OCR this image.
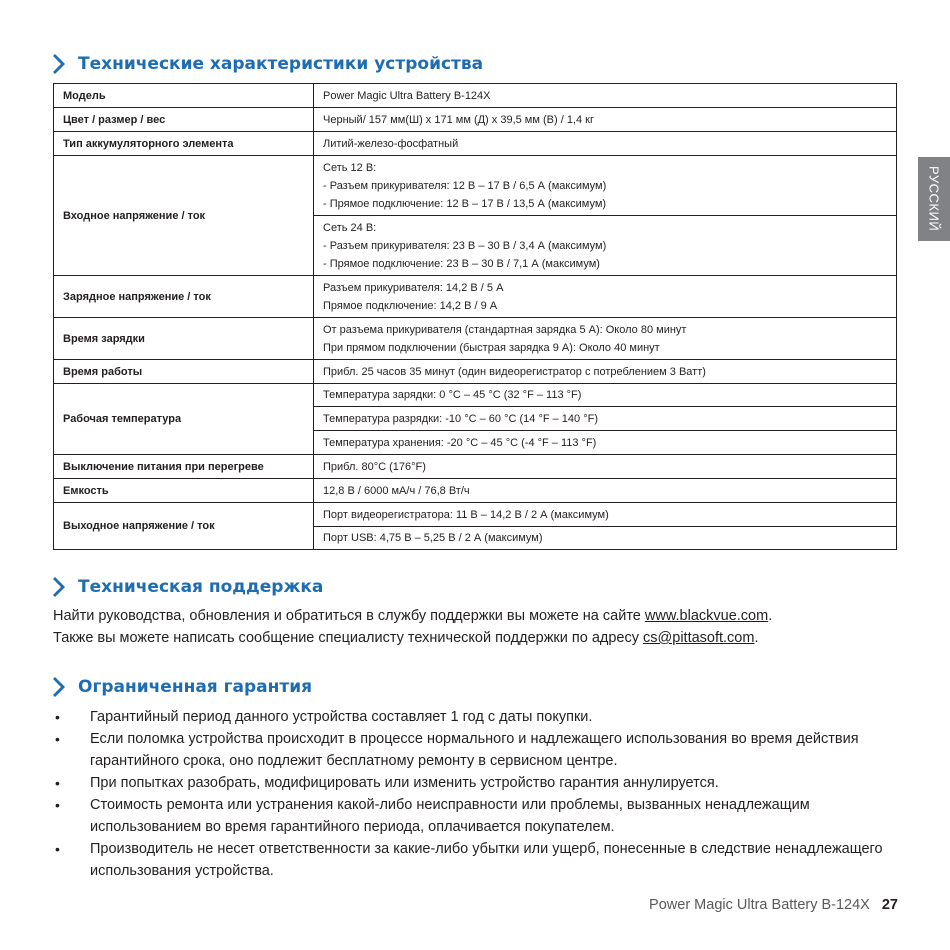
Технические характеристики устройства
Модель	Power Magic Ultra Battery B-124X
Цвет / размер / вес	Черный/ 157 мм(Ш) x 171 мм (Д) x 39,5 мм (В) / 1,4 кг
Тип аккумуляторного элемента	Литий-железо-фосфатный
Входное напряжение / ток	Сеть 12 В:
- Разъем прикуривателя: 12 В – 17 В / 6,5 А (максимум)
- Прямое подключение: 12 В – 17 В / 13,5 А (максимум)

	Сеть 24 В:
- Разъем прикуривателя: 23 В – 30 В / 3,4 А (максимум)
- Прямое подключение: 23 В – 30 В / 7,1 А (максимум)

Зарядное напряжение / ток	Разъем прикуривателя: 14,2 В / 5 А
Прямое подключение: 14,2 В / 9 А

Время зарядки	От разъема прикуривателя (стандартная зарядка 5 А): Около 80 минут
При прямом подключении (быстрая зарядка 9 А): Около 40 минут

Время работы	Прибл. 25 часов 35 минут (один видеорегистратор с потреблением 3 Ватт)
Рабочая температура	Температура зарядки: 0 °C – 45 °C (32 °F – 113 °F)
	Температура разрядки: -10 °C – 60 °C (14 °F – 140 °F)
	Температура хранения: -20 °C – 45 °C (-4 °F – 113 °F)
Выключение питания при перегреве	Прибл. 80°C (176°F)
Емкость	12,8 В / 6000 мА/ч / 76,8 Вт/ч
Выходное напряжение / ток	Порт видеорегистратора: 11 В – 14,2 В / 2 А (максимум)
	Порт USB: 4,75 В – 5,25 В / 2 А (максимум)
Техническая поддержка
Найти руководства, обновления и обратиться в службу поддержки вы можете на сайте www.blackvue.com.
Также вы можете написать сообщение специалисту технической поддержки по адресу cs@pittasoft.com.
Ограниченная гарантия
• Гарантийный период данного устройства составляет 1 год с даты покупки.
• Если поломка устройства происходит в процессе нормального и надлежащего использования во время действия
гарантийного срока, оно подлежит бесплатному ремонту в сервисном центре.
• При попытках разобрать, модифицировать или изменить устройство гарантия аннулируется.
• Стоимость ремонта или устранения какой-либо неисправности или проблемы, вызванных ненадлежащим
использованием во время гарантийного периода, оплачивается покупателем.
• Производитель не несет ответственности за какие-либо убытки или ущерб, понесенные в следствие ненадлежащего
использования устройства.
РУССКИЙ
Power Magic Ultra Battery B-124X 27
